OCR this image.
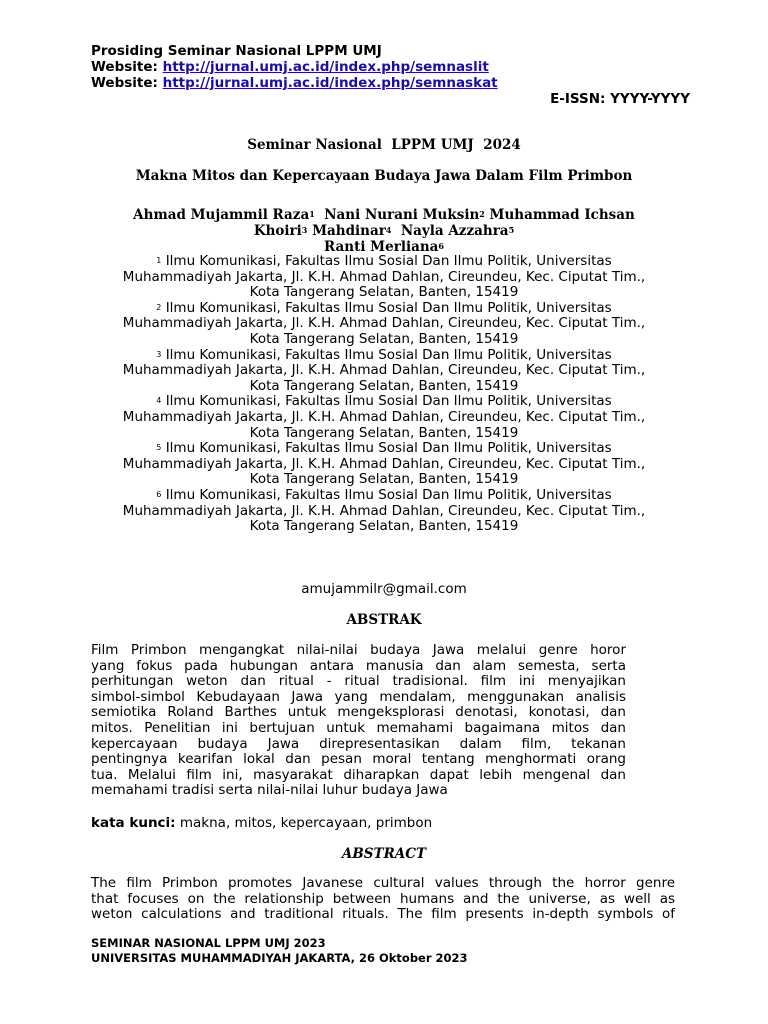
Prosiding Seminar Nasional LPPM UMJ
Website: http://jurnal.umj.ac.id/index.php/semnaslit
Website: http://jurnal.umj.ac.id/index.php/semnaskat
E-ISSN: YYYY-YYYY
Seminar Nasional  LPPM UMJ  2024
Makna Mitos dan Kepercayaan Budaya Jawa Dalam Film Primbon
Ahmad Mujammil Raza$^1$ Nani Nurani Muksin$^2$ Muhammad Ichsan
Khoiri$^3$ Mahdinar$^4$ Nayla Azzahra$^5$
Ranti Merliana$^6$
$^1$ Ilmu Komunikasi, Fakultas Ilmu Sosial Dan Ilmu Politik, Universitas
Muhammadiyah Jakarta, Jl. K.H. Ahmad Dahlan, Cireundeu, Kec. Ciputat Tim.,
Kota Tangerang Selatan, Banten, 15419
$^2$ Ilmu Komunikasi, Fakultas Ilmu Sosial Dan Ilmu Politik, Universitas
Muhammadiyah Jakarta, Jl. K.H. Ahmad Dahlan, Cireundeu, Kec. Ciputat Tim.,
Kota Tangerang Selatan, Banten, 15419
$^3$ Ilmu Komunikasi, Fakultas Ilmu Sosial Dan Ilmu Politik, Universitas
Muhammadiyah Jakarta, Jl. K.H. Ahmad Dahlan, Cireundeu, Kec. Ciputat Tim.,
Kota Tangerang Selatan, Banten, 15419
$^4$ Ilmu Komunikasi, Fakultas Ilmu Sosial Dan Ilmu Politik, Universitas
Muhammadiyah Jakarta, Jl. K.H. Ahmad Dahlan, Cireundeu, Kec. Ciputat Tim.,
Kota Tangerang Selatan, Banten, 15419
$^5$ Ilmu Komunikasi, Fakultas Ilmu Sosial Dan Ilmu Politik, Universitas
Muhammadiyah Jakarta, Jl. K.H. Ahmad Dahlan, Cireundeu, Kec. Ciputat Tim.,
Kota Tangerang Selatan, Banten, 15419
$^6$ Ilmu Komunikasi, Fakultas Ilmu Sosial Dan Ilmu Politik, Universitas
Muhammadiyah Jakarta, Jl. K.H. Ahmad Dahlan, Cireundeu, Kec. Ciputat Tim.,
Kota Tangerang Selatan, Banten, 15419
amujammilr@gmail.com
ABSTRAK
Film Primbon mengangkat nilai-nilai budaya Jawa melalui genre horor
yang fokus pada hubungan antara manusia dan alam semesta, serta
perhitungan weton dan ritual - ritual tradisional. film ini menyajikan
simbol-simbol Kebudayaan Jawa yang mendalam, menggunakan analisis
semiotika Roland Barthes untuk mengeksplorasi denotasi, konotasi, dan
mitos. Penelitian ini bertujuan untuk memahami bagaimana mitos dan
kepercayaan budaya Jawa direpresentasikan dalam film, tekanan
pentingnya kearifan lokal dan pesan moral tentang menghormati orang
tua. Melalui film ini, masyarakat diharapkan dapat lebih mengenal dan
memahami tradisi serta nilai-nilai luhur budaya Jawa
kata kunci: makna, mitos, kepercayaan, primbon
ABSTRACT
The film Primbon promotes Javanese cultural values through the horror genre
that focuses on the relationship between humans and the universe, as well as
weton calculations and traditional rituals. The film presents in-depth symbols of
SEMINAR NASIONAL LPPM UMJ 2023
UNIVERSITAS MUHAMMADIYAH JAKARTA, 26 Oktober 2023
